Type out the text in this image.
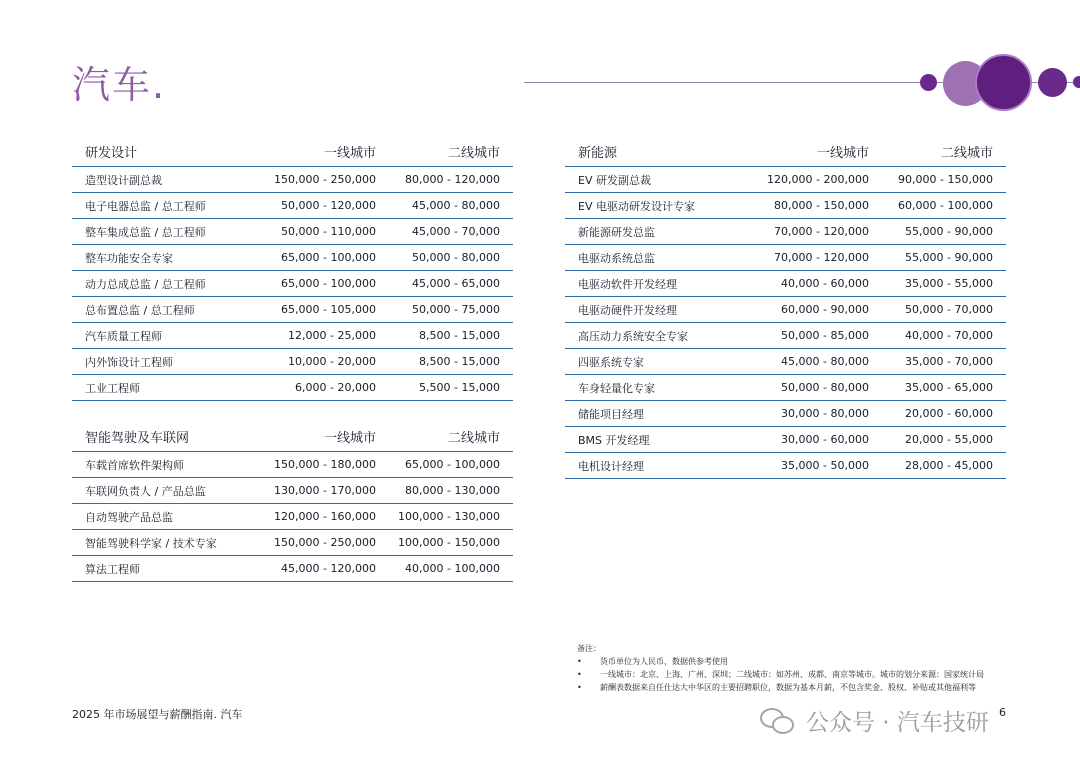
汽车.
研发设计	一线城市	二线城市
造型设计副总裁	150,000 - 250,000	80,000 - 120,000
电子电器总监 / 总工程师	50,000 - 120,000	45,000 - 80,000
整车集成总监 / 总工程师	50,000 - 110,000	45,000 - 70,000
整车功能安全专家	65,000 - 100,000	50,000 - 80,000
动力总成总监 / 总工程师	65,000 - 100,000	45,000 - 65,000
总布置总监 / 总工程师	65,000 - 105,000	50,000 - 75,000
汽车质量工程师	12,000 - 25,000	8,500 - 15,000
内外饰设计工程师	10,000 - 20,000	8,500 - 15,000
工业工程师	6,000 - 20,000	5,500 - 15,000
智能驾驶及车联网	一线城市	二线城市
车载首席软件架构师	150,000 - 180,000	65,000 - 100,000
车联网负责人 / 产品总监	130,000 - 170,000	80,000 - 130,000
自动驾驶产品总监	120,000 - 160,000	100,000 - 130,000
智能驾驶科学家 / 技术专家	150,000 - 250,000	100,000 - 150,000
算法工程师	45,000 - 120,000	40,000 - 100,000
新能源	一线城市	二线城市
EV 研发副总裁	120,000 - 200,000	90,000 - 150,000
EV 电驱动研发设计专家	80,000 - 150,000	60,000 - 100,000
新能源研发总监	70,000 - 120,000	55,000 - 90,000
电驱动系统总监	70,000 - 120,000	55,000 - 90,000
电驱动软件开发经理	40,000 - 60,000	35,000 - 55,000
电驱动硬件开发经理	60,000 - 90,000	50,000 - 70,000
高压动力系统安全专家	50,000 - 85,000	40,000 - 70,000
四驱系统专家	45,000 - 80,000	35,000 - 70,000
车身轻量化专家	50,000 - 80,000	35,000 - 65,000
储能项目经理	30,000 - 80,000	20,000 - 60,000
BMS 开发经理	30,000 - 60,000	20,000 - 55,000
电机设计经理	35,000 - 50,000	28,000 - 45,000
备注：
•	货币单位为人民币，数据供参考使用
•	一线城市：北京、上海、广州、深圳；二线城市：如苏州、成都、南京等城市。城市的划分来源：国家统计局
•	薪酬表数据来自任仕达大中华区的主要招聘职位，数据为基本月薪，不包含奖金、股权、补贴或其他福利等
2025 年市场展望与薪酬指南. 汽车	公众号 · 汽车技研 6
